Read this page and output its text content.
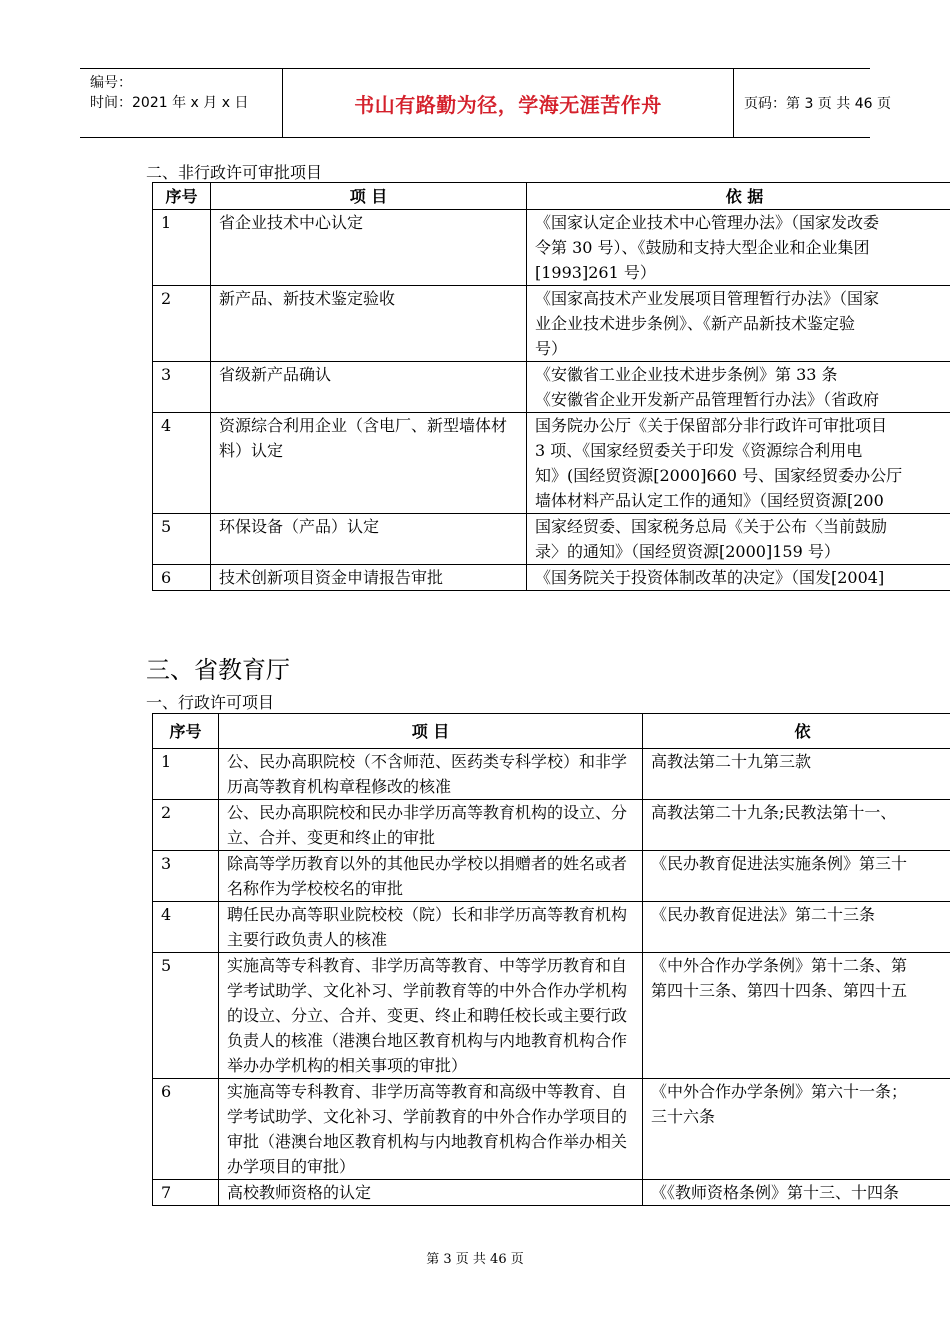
编号：
时间：2021 年 x 月 x 日	书山有路勤为径，学海无涯苦作舟	页码：第 3 页 共 46 页
二、非行政许可审批项目
序号	项 目	依 据
1	省企业技术中心认定	《国家认定企业技术中心管理办法》（国家发改委
令第 30 号）、《鼓励和支持大型企业和企业集团
[1993]261 号）

2	新产品、新技术鉴定验收	《国家高技术产业发展项目管理暂行办法》（国家
业企业技术进步条例》、《新产品新技术鉴定验
号）

3	省级新产品确认	《安徽省工业企业技术进步条例》第 33 条
《安徽省企业开发新产品管理暂行办法》（省政府

4	资源综合利用企业（含电厂、新型墙体材料）认定	国务院办公厅《关于保留部分非行政许可审批项目
3 项、《国家经贸委关于印发《资源综合利用电
知》(国经贸资源[2000]660 号、国家经贸委办公厅
墙体材料产品认定工作的通知》（国经贸资源[200

5	环保设备（产品）认定	国家经贸委、国家税务总局《关于公布〈当前鼓励
录〉的通知》（国经贸资源[2000]159 号）

6	技术创新项目资金申请报告审批	《国务院关于投资体制改革的决定》（国发[2004]
三、省教育厅
一、行政许可项目
序号	项 目	依
1	公、民办高职院校（不含师范、医药类专科学校）和非学历高等教育机构章程修改的核准	高教法第二十九第三款

2	公、民办高职院校和民办非学历高等教育机构的设立、分立、合并、变更和终止的审批	高教法第二十九条;民教法第十一、

3	除高等学历教育以外的其他民办学校以捐赠者的姓名或者名称作为学校校名的审批	《民办教育促进法实施条例》第三十

4	聘任民办高等职业院校校（院）长和非学历高等教育机构主要行政负责人的核准	《民办教育促进法》第二十三条

5	实施高等专科教育、非学历高等教育、中等学历教育和自学考试助学、文化补习、学前教育等的中外合作办学机构的设立、分立、合并、变更、终止和聘任校长或主要行政负责人的核准（港澳台地区教育机构与内地教育机构合作举办办学机构的相关事项的审批）	《中外合作办学条例》第十二条、第
第四十三条、第四十四条、第四十五

6	实施高等专科教育、非学历高等教育和高级中等教育、自学考试助学、文化补习、学前教育的中外合作办学项目的审批（港澳台地区教育机构与内地教育机构合作举办相关办学项目的审批）	《中外合作办学条例》第六十一条；
三十六条

7	高校教师资格的认定	《《教师资格条例》第十三、十四条
第 3 页 共 46 页
